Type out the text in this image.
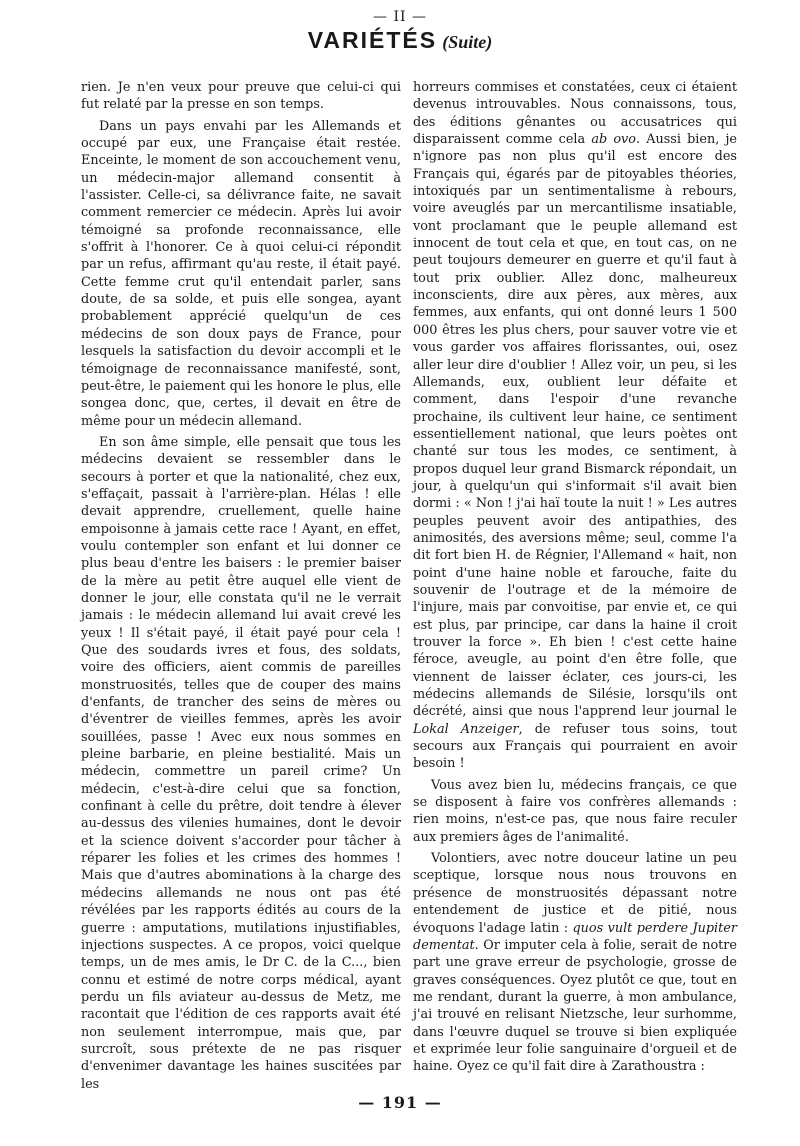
— II —
VARIÉTÉS (Suite)

rien. Je n'en veux pour preuve que celui-ci qui fut relaté par la presse en son temps.

Dans un pays envahi par les Allemands et occupé par eux, une Française était restée. Enceinte, le moment de son accouchement venu, un médecin-major allemand consentit à l'assister. Celle-ci, sa délivrance faite, ne savait comment remercier ce médecin. Après lui avoir témoigné sa profonde reconnaissance, elle s'offrit à l'honorer. Ce à quoi celui-ci répondit par un refus, affirmant qu'au reste, il était payé. Cette femme crut qu'il entendait parler, sans doute, de sa solde, et puis elle songea, ayant probablement apprécié quelqu'un de ces médecins de son doux pays de France, pour lesquels la satisfaction du devoir accompli et le témoignage de reconnaissance manifesté, sont, peut-être, le paiement qui les honore le plus, elle songea donc, que, certes, il devait en être de même pour un médecin allemand.

En son âme simple, elle pensait que tous les médecins devaient se ressembler dans le secours à porter et que la nationalité, chez eux, s'effaçait, passait à l'arrière-plan. Hélas ! elle devait apprendre, cruellement, quelle haine empoisonne à jamais cette race ! Ayant, en effet, voulu contempler son enfant et lui donner ce plus beau d'entre les baisers : le premier baiser de la mère au petit être auquel elle vient de donner le jour, elle constata qu'il ne le verrait jamais : le médecin allemand lui avait crevé les yeux ! Il s'était payé, il était payé pour cela ! Que des soudards ivres et fous, des soldats, voire des officiers, aient commis de pareilles monstruosités, telles que de couper des mains d'enfants, de trancher des seins de mères ou d'éventrer de vieilles femmes, après les avoir souillées, passe ! Avec eux nous sommes en pleine barbarie, en pleine bestialité. Mais un médecin, commettre un pareil crime? Un médecin, c'est-à-dire celui que sa fonction, confinant à celle du prêtre, doit tendre à élever au-dessus des vilenies humaines, dont le devoir et la science doivent s'accorder pour tâcher à réparer les folies et les crimes des hommes ! Mais que d'autres abominations à la charge des médecins allemands ne nous ont pas été révélées par les rapports édités au cours de la guerre : amputations, mutilations injustifiables, injections suspectes. A ce propos, voici quelque temps, un de mes amis, le Dr C. de la C..., bien connu et estimé de notre corps médical, ayant perdu un fils aviateur au-dessus de Metz, me racontait que l'édition de ces rapports avait été non seulement interrompue, mais que, par surcroît, sous prétexte de ne pas risquer d'envenimer davantage les haines suscitées par les

horreurs commises et constatées, ceux ci étaient devenus introuvables. Nous connaissons, tous, des éditions gênantes ou accusatrices qui disparaissent comme cela ab ovo. Aussi bien, je n'ignore pas non plus qu'il est encore des Français qui, égarés par de pitoyables théories, intoxiqués par un sentimentalisme à rebours, voire aveuglés par un mercantilisme insatiable, vont proclamant que le peuple allemand est innocent de tout cela et que, en tout cas, on ne peut toujours demeurer en guerre et qu'il faut à tout prix oublier. Allez donc, malheureux inconscients, dire aux pères, aux mères, aux femmes, aux enfants, qui ont donné leurs 1 500 000 êtres les plus chers, pour sauver votre vie et vous garder vos affaires florissantes, oui, osez aller leur dire d'oublier ! Allez voir, un peu, si les Allemands, eux, oublient leur défaite et comment, dans l'espoir d'une revanche prochaine, ils cultivent leur haine, ce sentiment essentiellement national, que leurs poètes ont chanté sur tous les modes, ce sentiment, à propos duquel leur grand Bismarck répondait, un jour, à quelqu'un qui s'informait s'il avait bien dormi : « Non ! j'ai haï toute la nuit ! » Les autres peuples peuvent avoir des antipathies, des animosités, des aversions même; seul, comme l'a dit fort bien H. de Régnier, l'Allemand « hait, non point d'une haine noble et farouche, faite du souvenir de l'outrage et de la mémoire de l'injure, mais par convoitise, par envie et, ce qui est plus, par principe, car dans la haine il croit trouver la force ». Eh bien ! c'est cette haine féroce, aveugle, au point d'en être folle, que viennent de laisser éclater, ces jours-ci, les médecins allemands de Silésie, lorsqu'ils ont décrété, ainsi que nous l'apprend leur journal le Lokal Anzeiger, de refuser tous soins, tout secours aux Français qui pourraient en avoir besoin !

Vous avez bien lu, médecins français, ce que se disposent à faire vos confrères allemands : rien moins, n'est-ce pas, que nous faire reculer aux premiers âges de l'animalité.

Volontiers, avec notre douceur latine un peu sceptique, lorsque nous nous trouvons en présence de monstruosités dépassant notre entendement de justice et de pitié, nous évoquons l'adage latin : quos vult perdere Jupiter dementat. Or imputer cela à folie, serait de notre part une grave erreur de psychologie, grosse de graves conséquences. Oyez plutôt ce que, tout en me rendant, durant la guerre, à mon ambulance, j'ai trouvé en relisant Nietzsche, leur surhomme, dans l'œuvre duquel se trouve si bien expliquée et exprimée leur folie sanguinaire d'orgueil et de haine. Oyez ce qu'il fait dire à Zarathoustra :

— 191 —
